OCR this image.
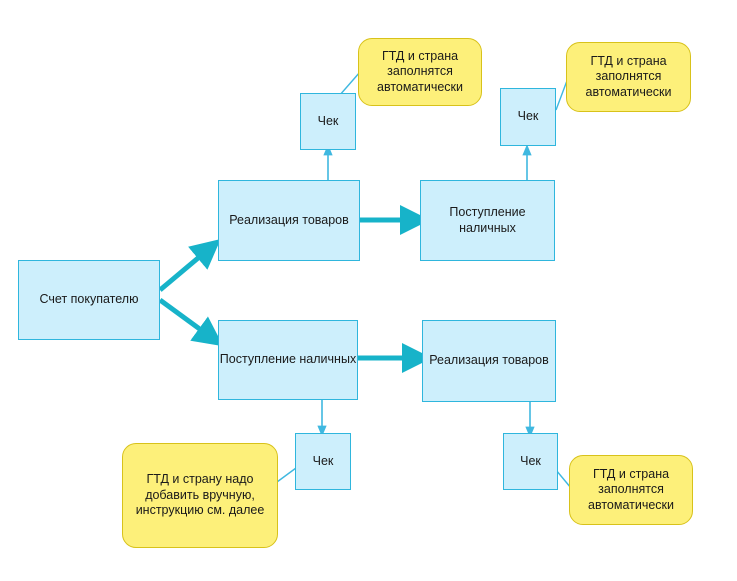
Счет покупателю
Реализация товаров
Поступление наличных
Чек	Чек
Поступление наличных	Реализация товаров
Чек	Чек
ГТД и страна заполнятся автоматически
ГТД и страна заполнятся автоматически
ГТД и страну надо добавить вручную, инструкцию см. далее
ГТД и страна заполнятся автоматически
